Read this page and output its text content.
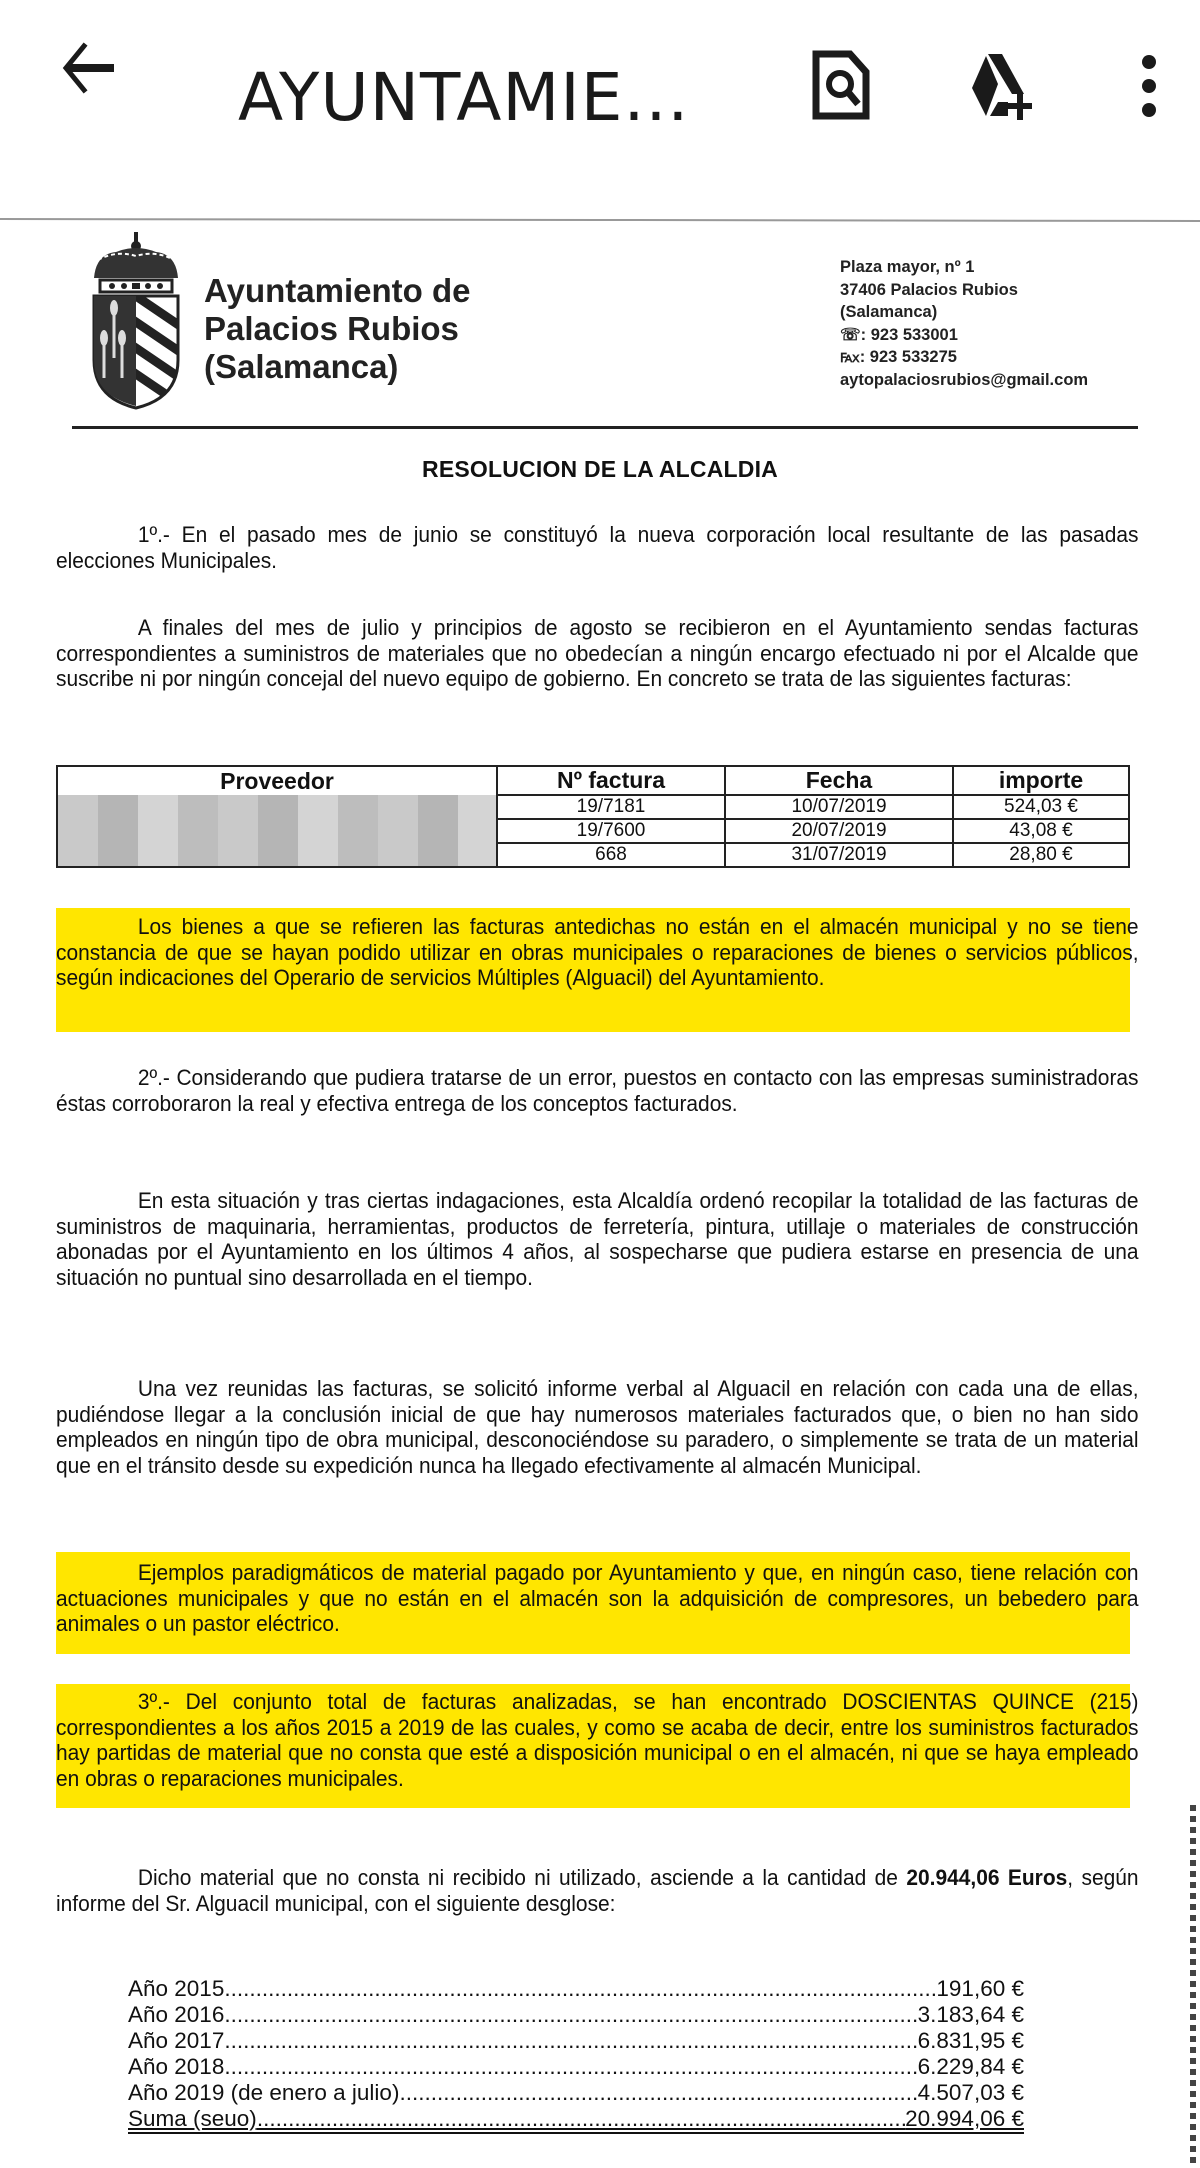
AYUNTAMIE...
Ayuntamiento de
Palacios Rubios
(Salamanca)
Plaza mayor, nº 1
37406 Palacios Rubios
(Salamanca)
☏: 923 533001
℻: 923 533275
aytopalaciosrubios@gmail.com
RESOLUCION DE LA ALCALDIA
1º.- En el pasado mes de junio se constituyó la nueva corporación local resultante de las pasadas elecciones Municipales.
A finales del mes de julio y principios de agosto se recibieron en el Ayuntamiento sendas facturas correspondientes a suministros de materiales que no obedecían a ningún encargo efectuado ni por el Alcalde que suscribe ni por ningún concejal del nuevo equipo de gobierno. En concreto se trata de las siguientes facturas:
Proveedor	Nº factura	Fecha	importe
	19/7181	10/07/2019	524,03 €
	19/7600	20/07/2019	43,08 €
	668	31/07/2019	28,80 €
Los bienes a que se refieren las facturas antedichas no están en el almacén municipal y no se tiene constancia de que se hayan podido utilizar en obras municipales o reparaciones de bienes o servicios públicos, según indicaciones del Operario de servicios Múltiples (Alguacil) del Ayuntamiento.
2º.- Considerando que pudiera tratarse de un error, puestos en contacto con las empresas suministradoras éstas corroboraron la real y efectiva entrega de los conceptos facturados.
En esta situación y tras ciertas indagaciones, esta Alcaldía ordenó recopilar la totalidad de las facturas de suministros de maquinaria, herramientas, productos de ferretería, pintura, utillaje o materiales de construcción abonadas por el Ayuntamiento en los últimos 4 años, al sospecharse que pudiera estarse en presencia de una situación no puntual sino desarrollada en el tiempo.
Una vez reunidas las facturas, se solicitó informe verbal al Alguacil en relación con cada una de ellas, pudiéndose llegar a la conclusión inicial de que hay numerosos materiales facturados que, o bien no han sido empleados en ningún tipo de obra municipal, desconociéndose su paradero, o simplemente se trata de un material que en el tránsito desde su expedición nunca ha llegado efectivamente al almacén Municipal.
Ejemplos paradigmáticos de material pagado por Ayuntamiento y que, en ningún caso, tiene relación con actuaciones municipales y que no están en el almacén son la adquisición de compresores, un bebedero para animales o un pastor eléctrico.
3º.- Del conjunto total de facturas analizadas, se han encontrado DOSCIENTAS QUINCE (215) correspondientes a los años 2015 a 2019 de las cuales, y como se acaba de decir, entre los suministros facturados hay partidas de material que no consta que esté a disposición municipal o en el almacén, ni que se haya empleado en obras o reparaciones municipales.
Dicho material que no consta ni recibido ni utilizado, asciende a la cantidad de 20.944,06 Euros, según informe del Sr. Alguacil municipal, con el siguiente desglose:
Año 2015 .....	191,60 €
Año 2016 .....	3.183,64 €
Año 2017 .....	6.831,95 €
Año 2018 .....	6.229,84 €
Año 2019 (de enero a julio) .....	4.507,03 €
Suma (seuo) .....	20.994,06 €
